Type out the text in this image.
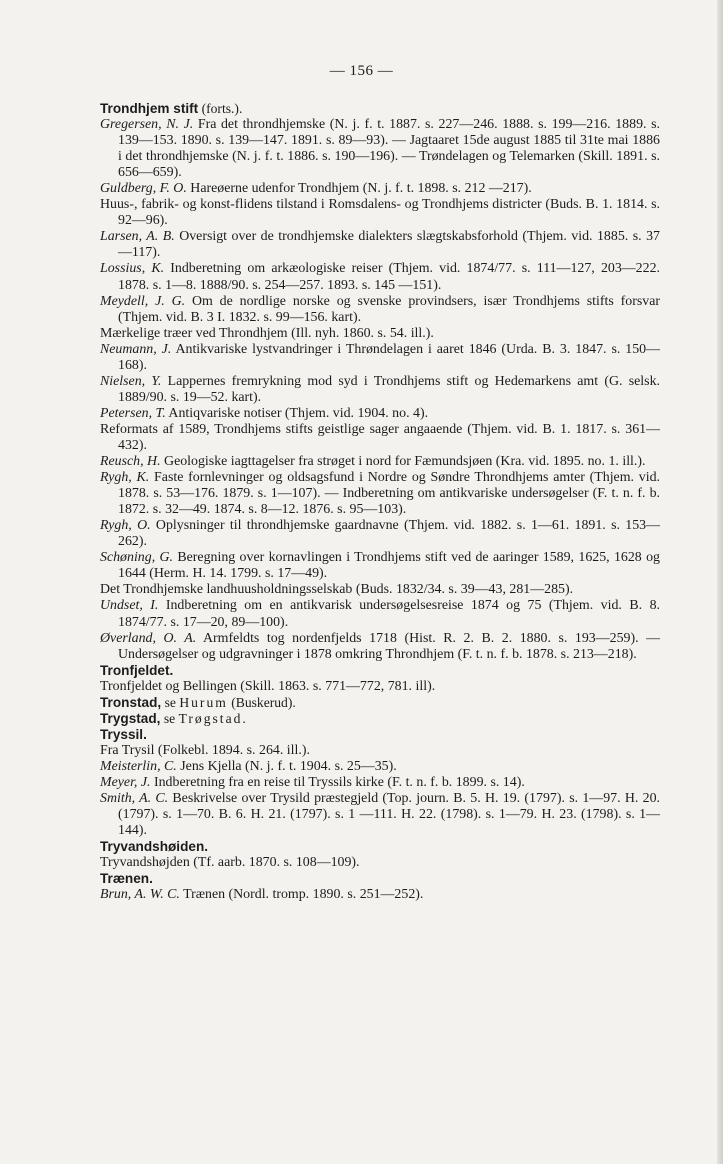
— 156 —

Trondhjem stift (forts.).

Gregersen, N. J. Fra det throndhjemske (N. j. f. t. 1887. s. 227—246. 1888. s. 199—216. 1889. s. 139—153. 1890. s. 139—147. 1891. s. 89—93). — Jagtaaret 15de august 1885 til 31te mai 1886 i det throndhjemske (N. j. f. t. 1886. s. 190—196). — Trøndelagen og Telemarken (Skill. 1891. s. 656—659).

Guldberg, F. O. Hareøerne udenfor Trondhjem (N. j. f. t. 1898. s. 212 —217).

Huus-, fabrik- og konst-flidens tilstand i Romsdalens- og Trondhjems districter (Buds. B. 1. 1814. s. 92—96).

Larsen, A. B. Oversigt over de trondhjemske dialekters slægtskabsforhold (Thjem. vid. 1885. s. 37—117).

Lossius, K. Indberetning om arkæologiske reiser (Thjem. vid. 1874/77. s. 111—127, 203—222. 1878. s. 1—8. 1888/90. s. 254—257. 1893. s. 145 —151).

Meydell, J. G. Om de nordlige norske og svenske provindsers, især Trondhjems stifts forsvar (Thjem. vid. B. 3 I. 1832. s. 99—156. kart).

Mærkelige træer ved Throndhjem (Ill. nyh. 1860. s. 54. ill.).

Neumann, J. Antikvariske lystvandringer i Thrøndelagen i aaret 1846 (Urda. B. 3. 1847. s. 150—168).

Nielsen, Y. Lappernes fremrykning mod syd i Trondhjems stift og Hedemarkens amt (G. selsk. 1889/90. s. 19—52. kart).

Petersen, T. Antiqvariske notiser (Thjem. vid. 1904. no. 4).

Reformats af 1589, Trondhjems stifts geistlige sager angaaende (Thjem. vid. B. 1. 1817. s. 361—432).

Reusch, H. Geologiske iagttagelser fra strøget i nord for Fæmundsjøen (Kra. vid. 1895. no. 1. ill.).

Rygh, K. Faste fornlevninger og oldsagsfund i Nordre og Søndre Throndhjems amter (Thjem. vid. 1878. s. 53—176. 1879. s. 1—107). — Indberetning om antikvariske undersøgelser (F. t. n. f. b. 1872. s. 32—49. 1874. s. 8—12. 1876. s. 95—103).

Rygh, O. Oplysninger til throndhjemske gaardnavne (Thjem. vid. 1882. s. 1—61. 1891. s. 153—262).

Schøning, G. Beregning over kornavlingen i Trondhjems stift ved de aaringer 1589, 1625, 1628 og 1644 (Herm. H. 14. 1799. s. 17—49).

Det Trondhjemske landhuusholdningsselskab (Buds. 1832/34. s. 39—43, 281—285).

Undset, I. Indberetning om en antikvarisk undersøgelsesreise 1874 og 75 (Thjem. vid. B. 8. 1874/77. s. 17—20, 89—100).

Øverland, O. A. Armfeldts tog nordenfjelds 1718 (Hist. R. 2. B. 2. 1880. s. 193—259). — Undersøgelser og udgravninger i 1878 omkring Throndhjem (F. t. n. f. b. 1878. s. 213—218).

Tronfjeldet.

Tronfjeldet og Bellingen (Skill. 1863. s. 771—772, 781. ill).

Tronstad, se Hurum (Buskerud).

Trygstad, se Trøgstad.

Tryssil.

Fra Trysil (Folkebl. 1894. s. 264. ill.).

Meisterlin, C. Jens Kjella (N. j. f. t. 1904. s. 25—35).

Meyer, J. Indberetning fra en reise til Tryssils kirke (F. t. n. f. b. 1899. s. 14).

Smith, A. C. Beskrivelse over Trysild præstegjeld (Top. journ. B. 5. H. 19. (1797). s. 1—97. H. 20. (1797). s. 1—70. B. 6. H. 21. (1797). s. 1 —111. H. 22. (1798). s. 1—79. H. 23. (1798). s. 1—144).

Tryvandshøiden.

Tryvandshøjden (Tf. aarb. 1870. s. 108—109).

Trænen.

Brun, A. W. C. Trænen (Nordl. tromp. 1890. s. 251—252).
